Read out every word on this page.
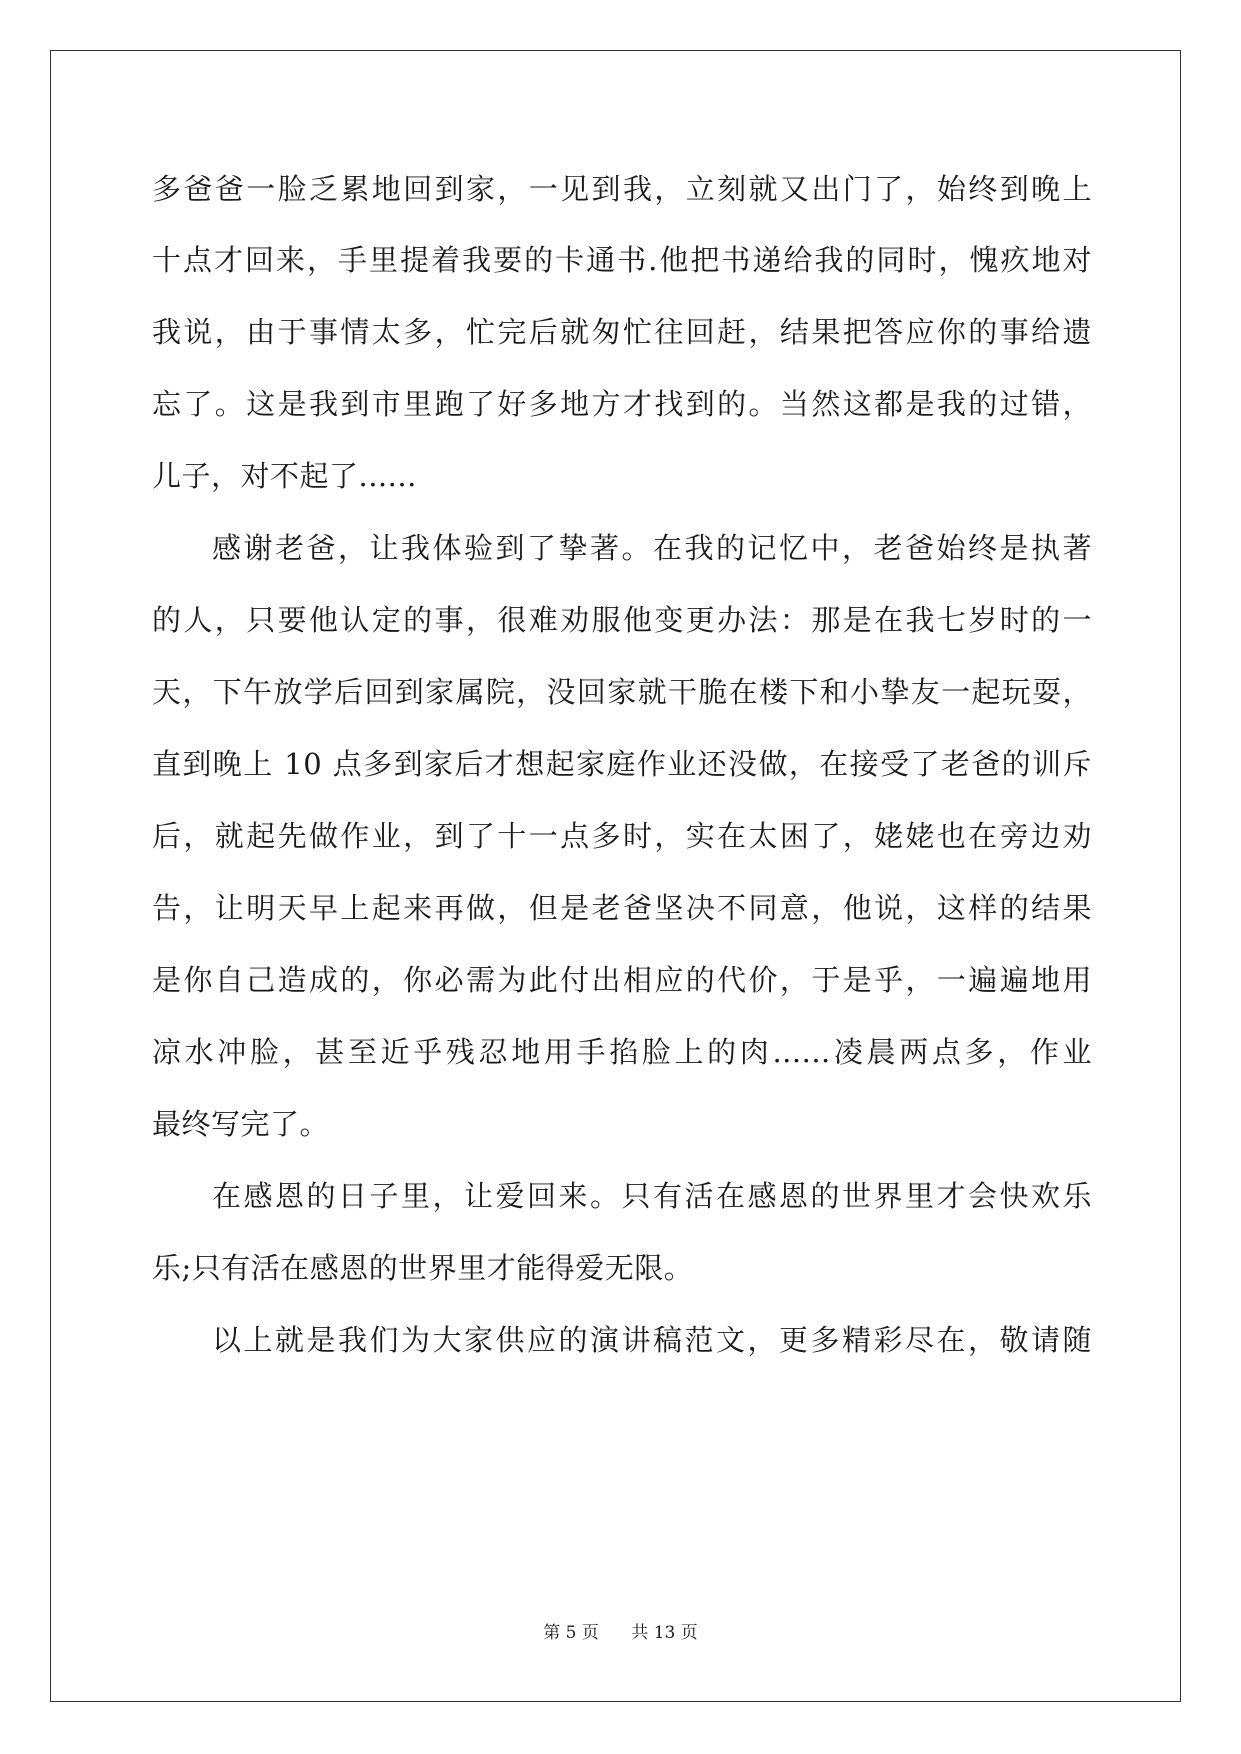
多爸爸一脸乏累地回到家，一见到我，立刻就又出门了，始终到晚上
十点才回来，手里提着我要的卡通书.他把书递给我的同时，愧疚地对
我说，由于事情太多，忙完后就匆忙往回赶，结果把答应你的事给遗
忘了。这是我到市里跑了好多地方才找到的。当然这都是我的过错，
儿子，对不起了......
感谢老爸，让我体验到了挚著。在我的记忆中，老爸始终是执著
的人，只要他认定的事，很难劝服他变更办法：那是在我七岁时的一
天，下午放学后回到家属院，没回家就干脆在楼下和小挚友一起玩耍，
直到晚上 10 点多到家后才想起家庭作业还没做，在接受了老爸的训斥
后，就起先做作业，到了十一点多时，实在太困了，姥姥也在旁边劝
告，让明天早上起来再做，但是老爸坚决不同意，他说，这样的结果
是你自己造成的，你必需为此付出相应的代价，于是乎，一遍遍地用
凉水冲脸，甚至近乎残忍地用手掐脸上的肉......凌晨两点多，作业
最终写完了。
在感恩的日子里，让爱回来。只有活在感恩的世界里才会快欢乐
乐;只有活在感恩的世界里才能得爱无限。
以上就是我们为大家供应的演讲稿范文，更多精彩尽在，敬请随
第 5 页 共 13 页
